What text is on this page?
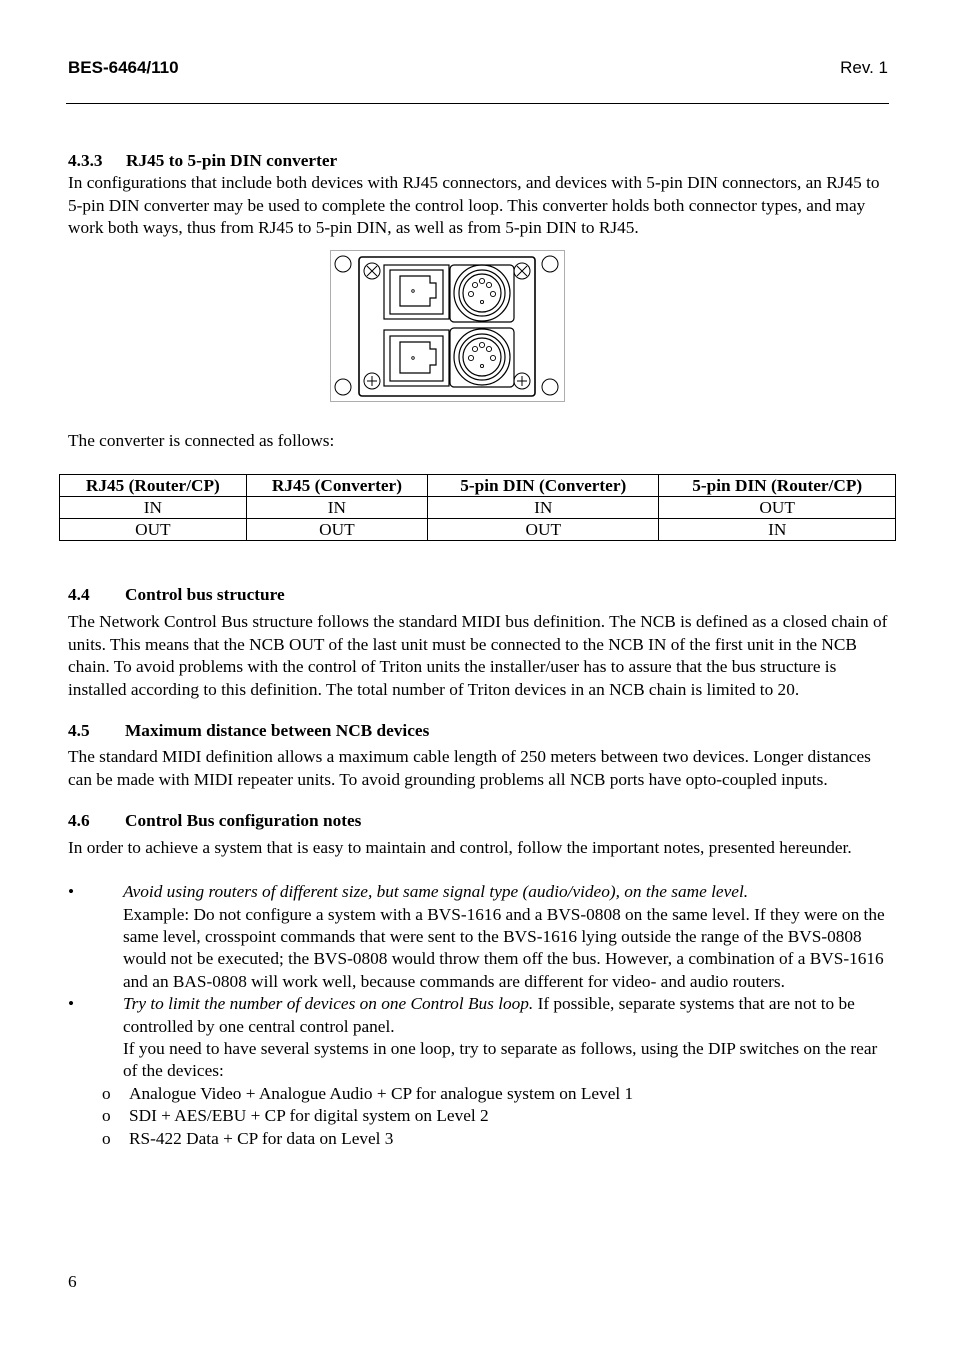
BES-6464/110	Rev. 1
4.3.3 RJ45 to 5-pin DIN converter

In configurations that include both devices with RJ45 connectors, and devices with 5-pin DIN connectors, an RJ45 to 5-pin DIN converter may be used to complete the control loop. This converter holds both connector types, and may work both ways, thus from RJ45 to 5-pin DIN, as well as from 5-pin DIN to RJ45.

The converter is connected as follows:

RJ45 (Router/CP)	RJ45 (Converter)	5-pin DIN (Converter)	5-pin DIN (Router/CP)
IN	IN	IN	OUT
OUT	OUT	OUT	IN
4.4 Control bus structure

The Network Control Bus structure follows the standard MIDI bus definition. The NCB is defined as a closed chain of units. This means that the NCB OUT of the last unit must be connected to the NCB IN of the first unit in the NCB chain. To avoid problems with the control of Triton units the installer/user has to assure that the bus structure is installed according to this definition. The total number of Triton devices in an NCB chain is limited to 20.

4.5 Maximum distance between NCB devices

The standard MIDI definition allows a maximum cable length of 250 meters between two devices. Longer distances can be made with MIDI repeater units. To avoid grounding problems all NCB ports have opto-coupled inputs.

4.6 Control Bus configuration notes

In order to achieve a system that is easy to maintain and control, follow the important notes, presented hereunder.

•	Avoid using routers of different size, but same signal type (audio/video), on the same level.
Example: Do not configure a system with a BVS-1616 and a BVS-0808 on the same level. If they were on the same level, crosspoint commands that were sent to the BVS-1616 lying outside the range of the BVS-0808 would not be executed; the BVS-0808 would throw them off the bus. However, a combination of a BVS-1616 and an BAS-0808 will work well, because commands are different for video- and audio routers.
•	Try to limit the number of devices on one Control Bus loop. If possible, separate systems that are not to be controlled by one central control panel.
If you need to have several systems in one loop, try to separate as follows, using the DIP switches on the rear of the devices:
o Analogue Video + Analogue Audio + CP for analogue system on Level 1
o SDI + AES/EBU + CP for digital system on Level 2
o RS-422 Data + CP for data on Level 3
6
